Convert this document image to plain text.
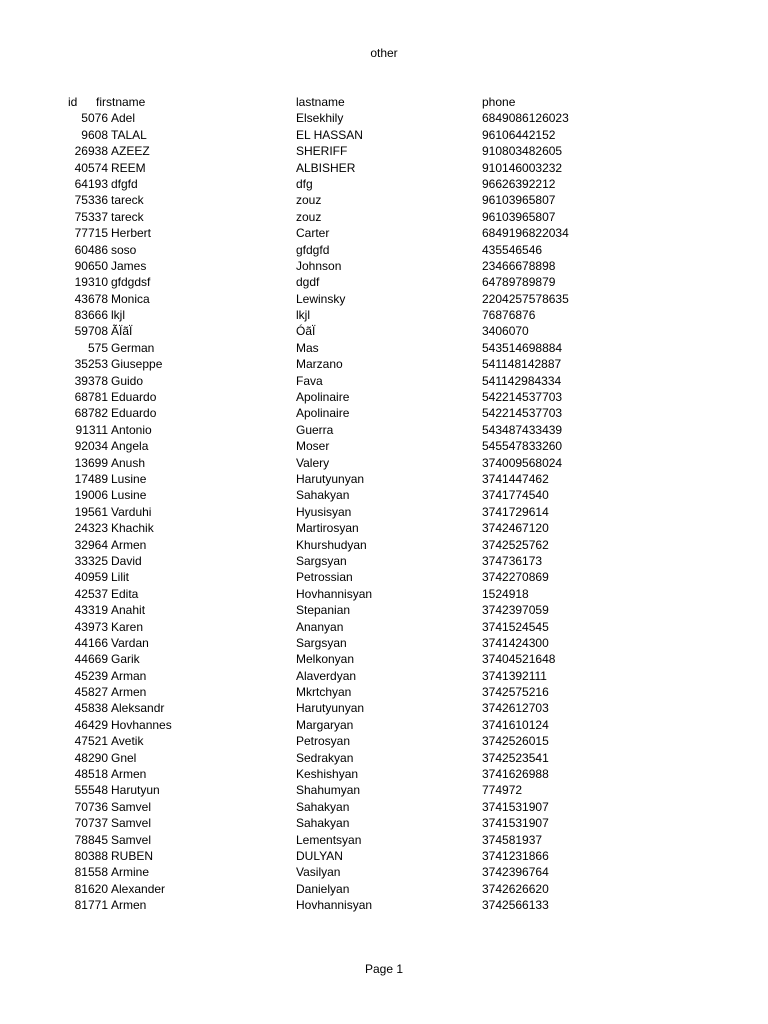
other
id	firstname	lastname	phone
5076 Adel	Elsekhily	6849086126023
9608 TALAL	EL HASSAN	96106442152
26938 AZEEZ	SHERIFF	910803482605
40574 REEM	ALBISHER	910146003232
64193 dfgfd	dfg	96626392212
75336 tareck	zouz	96103965807
75337 tareck	zouz	96103965807
77715 Herbert	Carter	6849196822034
60486 soso	gfdgfd	435546546
90650 James	Johnson	23466678898
19310 gfdgdsf	dgdf	64789789879
43678 Monica	Lewinsky	2204257578635
83666 lkjl	lkjl	76876876
59708 ÃÏãÏ	ÓãÏ	3406070
575 German	Mas	543514698884
35253 Giuseppe	Marzano	541148142887
39378 Guido	Fava	541142984334
68781 Eduardo	Apolinaire	542214537703
68782 Eduardo	Apolinaire	542214537703
91311 Antonio	Guerra	543487433439
92034 Angela	Moser	545547833260
13699 Anush	Valery	374009568024
17489 Lusine	Harutyunyan	3741447462
19006 Lusine	Sahakyan	3741774540
19561 Varduhi	Hyusisyan	3741729614
24323 Khachik	Martirosyan	3742467120
32964 Armen	Khurshudyan	3742525762
33325 David	Sargsyan	374736173
40959 Lilit	Petrossian	3742270869
42537 Edita	Hovhannisyan	1524918
43319 Anahit	Stepanian	3742397059
43973 Karen	Ananyan	3741524545
44166 Vardan	Sargsyan	3741424300
44669 Garik	Melkonyan	37404521648
45239 Arman	Alaverdyan	3741392111
45827 Armen	Mkrtchyan	3742575216
45838 Aleksandr	Harutyunyan	3742612703
46429 Hovhannes	Margaryan	3741610124
47521 Avetik	Petrosyan	3742526015
48290 Gnel	Sedrakyan	3742523541
48518 Armen	Keshishyan	3741626988
55548 Harutyun	Shahumyan	774972
70736 Samvel	Sahakyan	3741531907
70737 Samvel	Sahakyan	3741531907
78845 Samvel	Lementsyan	374581937
80388 RUBEN	DULYAN	3741231866
81558 Armine	Vasilyan	3742396764
81620 Alexander	Danielyan	3742626620
81771 Armen	Hovhannisyan	3742566133
Page 1
